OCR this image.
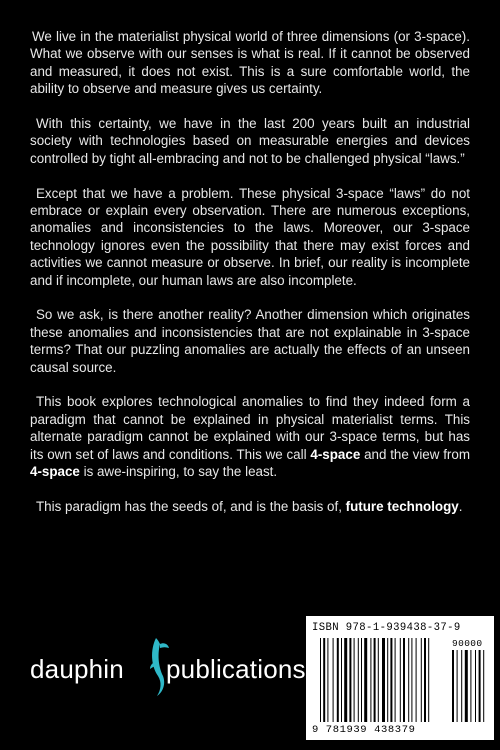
We live in the materialist physical world of three dimensions (or 3-space). What we observe with our senses is what is real. If it cannot be observed and measured, it does not exist. This is a sure comfortable world, the ability to observe and measure gives us certainty.

With this certainty, we have in the last 200 years built an industrial society with technologies based on measurable energies and devices controlled by tight all-embracing and not to be challenged physical “laws.”

Except that we have a problem. These physical 3-space “laws” do not embrace or explain every observation. There are numerous exceptions, anomalies and inconsistencies to the laws. Moreover, our 3-space technology ignores even the possibility that there may exist forces and activities we cannot measure or observe. In brief, our reality is incomplete and if incomplete, our human laws are also incomplete.

So we ask, is there another reality? Another dimension which originates these anomalies and inconsistencies that are not explainable in 3-space terms? That our puzzling anomalies are actually the effects of an unseen causal source.

This book explores technological anomalies to find they indeed form a paradigm that cannot be explained in physical materialist terms. This alternate paradigm cannot be explained with our 3-space terms, but has its own set of laws and conditions. This we call 4-space and the view from 4-space is awe-inspiring, to say the least.

This paradigm has the seeds of, and is the basis of, future technology.

dauphin publications
ISBN 978-1-939438-37-9
90000
9 781939 438379
